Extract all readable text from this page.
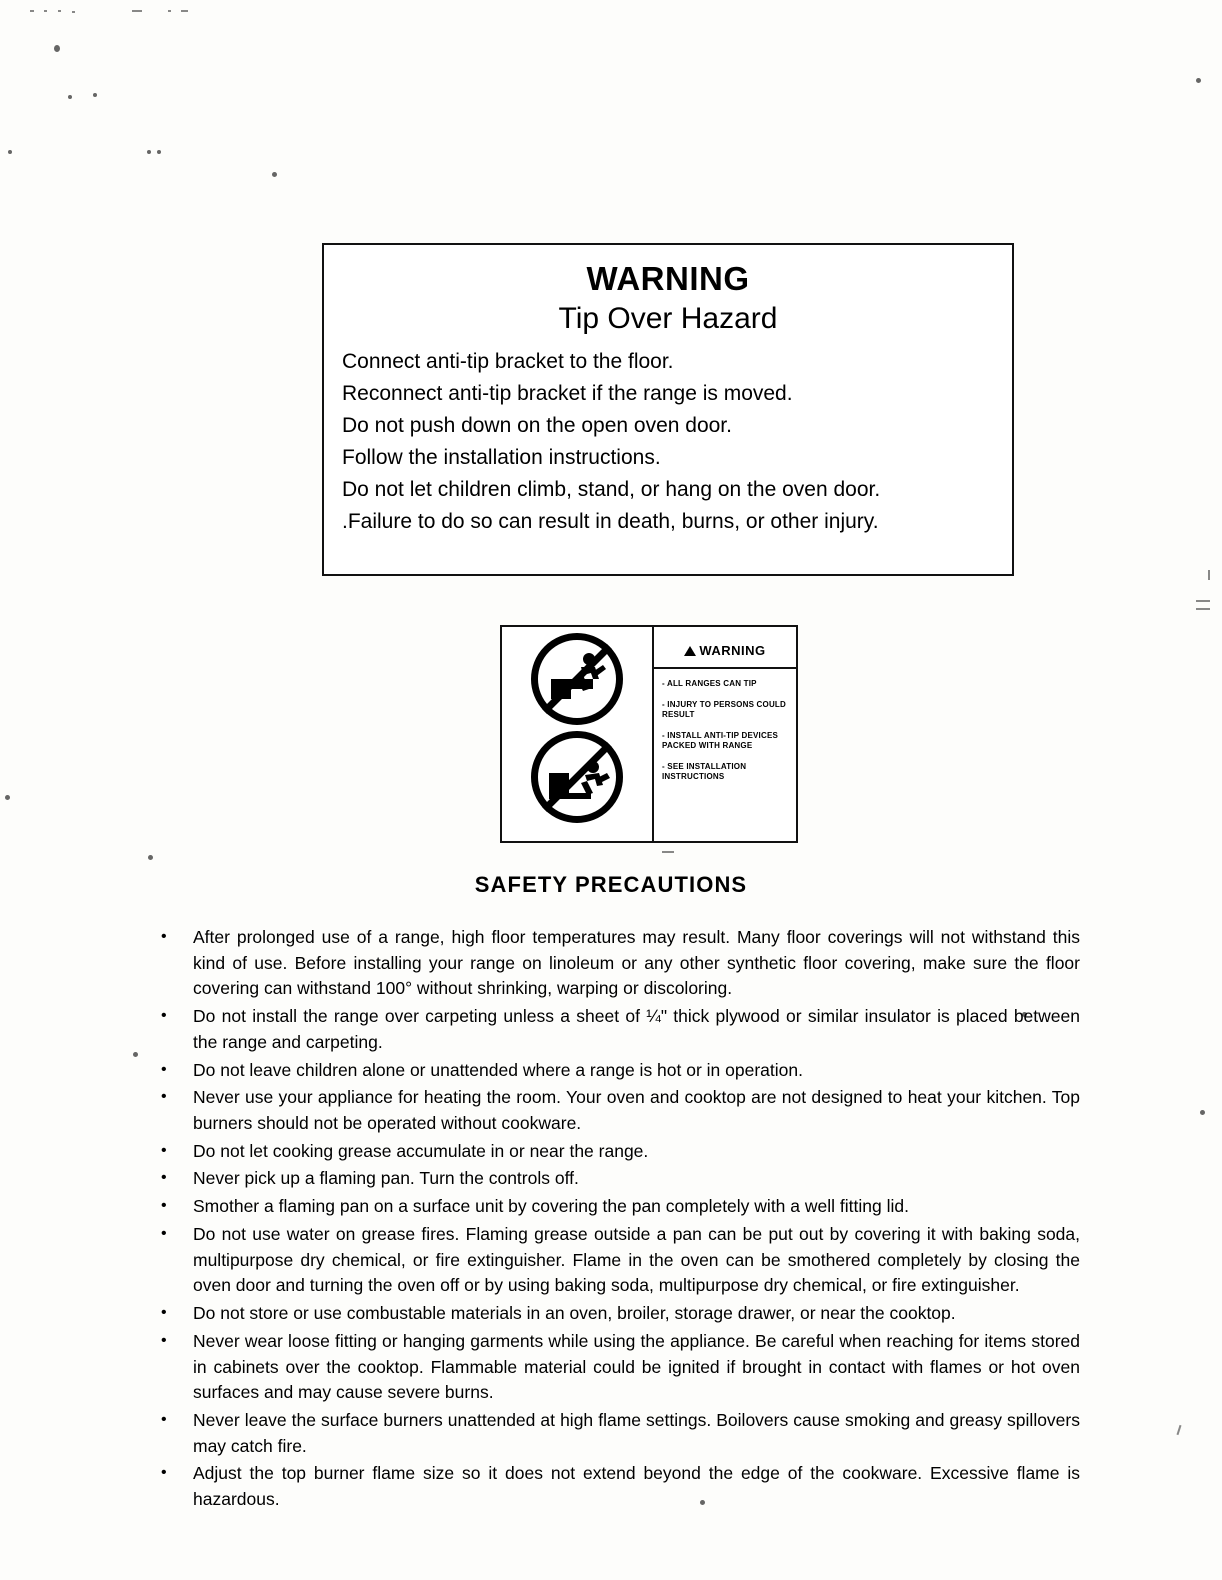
WARNING
Tip Over Hazard
Connect anti-tip bracket to the floor.
Reconnect anti-tip bracket if the range is moved.
Do not push down on the open oven door.
Follow the installation instructions.
Do not let children climb, stand, or hang on the oven door.
.Failure to do so can result in death, burns, or other injury.
WARNING
- ALL RANGES CAN TIP
- INJURY TO PERSONS COULD RESULT
- INSTALL ANTI-TIP DEVICES PACKED WITH RANGE
- SEE INSTALLATION INSTRUCTIONS
SAFETY PRECAUTIONS
•	After prolonged use of a range, high floor temperatures may result. Many floor coverings will not withstand this kind of use. Before installing your range on linoleum or any other synthetic floor covering, make sure the floor covering can withstand 100° without shrinking, warping or discoloring.
•	Do not install the range over carpeting unless a sheet of ¼" thick plywood or similar insulator is placed between the range and carpeting.
•	Do not leave children alone or unattended where a range is hot or in operation.
•	Never use your appliance for heating the room. Your oven and cooktop are not designed to heat your kitchen. Top burners should not be operated without cookware.
•	Do not let cooking grease accumulate in or near the range.
•	Never pick up a flaming pan. Turn the controls off.
•	Smother a flaming pan on a surface unit by covering the pan completely with a well fitting lid.
•	Do not use water on grease fires. Flaming grease outside a pan can be put out by covering it with baking soda, multipurpose dry chemical, or fire extinguisher. Flame in the oven can be smothered completely by closing the oven door and turning the oven off or by using baking soda, multipurpose dry chemical, or fire extinguisher.
•	Do not store or use combustable materials in an oven, broiler, storage drawer, or near the cooktop.
•	Never wear loose fitting or hanging garments while using the appliance. Be careful when reaching for items stored in cabinets over the cooktop. Flammable material could be ignited if brought in contact with flames or hot oven surfaces and may cause severe burns.
•	Never leave the surface burners unattended at high flame settings. Boilovers cause smoking and greasy spillovers may catch fire.
•	Adjust the top burner flame size so it does not extend beyond the edge of the cookware. Excessive flame is hazardous.
